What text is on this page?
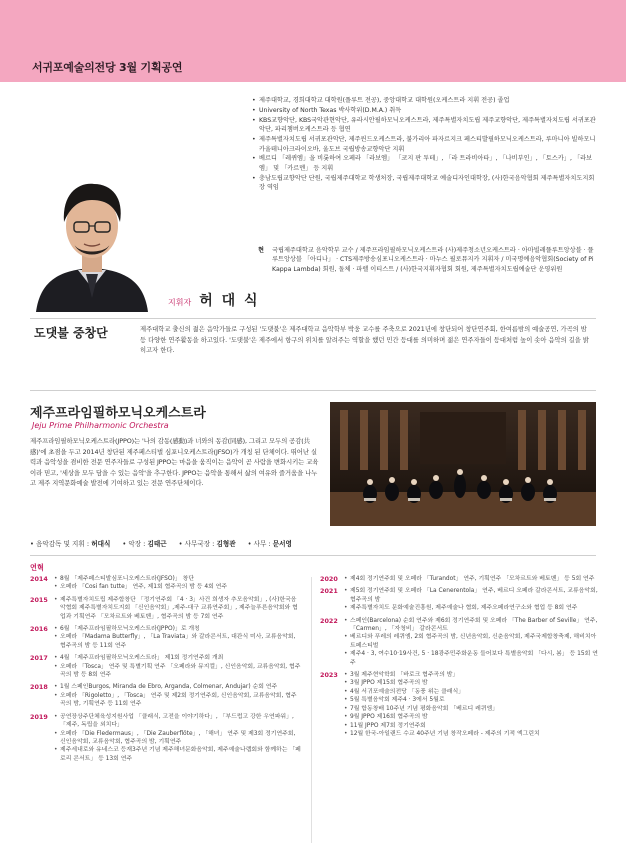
서귀포예술의전당 3월 기획공연
지휘자 허 대 식
• 제주대학교, 경희대학교 대학원(플루트 전공), 중앙대학교 대학원(오케스트라 지휘 전공) 졸업
• University of North Texas 박사학위(D.M.A.) 취득
• KBS교향악단, KBS국악관현악단, 유라시안필하모닉오케스트라, 제주특별자치도립 제주교향악단, 제주특별자치도립 서귀포관악단, 파리챔버오케스트라 등 협연
• 제주특별자치도립 서귀포관악단, 제주윈드오케스트라, 불가리아 파자르지크 페스티발필하모닉오케스트라, 루마니아 빌하모니카울테니아크라이오바, 울도브 국립방송교향악단 지휘
• 베르디 「레퀴엠」을 비롯하여 오페라 「라보엠」 「코지 판 투테」, 「라 트라비아타」, 「나비부인」, 「토스카」, 「라보엠」 및 「카르멘」 등 지휘
• 충남도립교향악단 단원, 국립제주대학교 학생처장, 국립제주대학교 예술디자인대학장, (사)한국음악협회 제주특별자치도지회장 역임
현	국립제주대학교 음악학부 교수 / 제주프라임필하모닉오케스트라 (사)제주청소년오케스트라 · 아마빌레플루트앙상블 · 플루트앙상블 「아디나」 · CTS제주방송심포니오케스트라 · 마누스 필로뮤지카 지휘자 / 미국명예음악협회(Society of Pi Kappa Lambda) 회원, 돌체 · 파렐 이티스트 / (사)한국지휘자협회 회원, 제주특별자치도립예술단 운영위원
도댓불 중창단	제주대학교 출신의 젊은 음악가들로 구성된 '도댓불'은 제주대학교 음악학부 박웅 교수를 주축으로 2021년에 창단되어 창단연주회, 한여름밤의 예술공연, 가곡의 밤 등 다양한 연주활동을 하고있다. '도댓불'은 제주에서 항구의 위치를 알려주는 역할을 했던 민간 등대를 의미하며 젊은 연주자들이 등대처럼 높이 솟아 음악의 길을 밝히고자 한다.
제주프라임필하모닉오케스트라
Jeju Prime Philharmonic Orchestra
제주프라임필하모닉오케스트라(JPPO)는 '나의 감동(感動)과 너와의 동감(同感), 그리고 모두의 공감(共感)'에 초점을 두고 2014년 창단된 제주페스티벌 심포니오케스트라(JFSO)가 개칭 된 단체이다. 뛰어난 실력과 음악성을 겸비한 전문 연주자들로 구성된 JPPO는 마음을 움직이는 음악이 곧 사람을 변화시키는 교육이라 믿고, '세상을 모두 담을 수 있는 음악'을 추구한다. JPPO는 음악을 통해서 삶의 여유와 즐거움을 나누고 제주 지역문화예술 발전에 기여하고 있는 전문 연주단체이다.
• 음악감독 및 지휘 : 허대식 • 악장 : 김태근 • 사무국장 : 김형관 • 사무 : 문서영
연혁
2014	• 8월 「제주페스티발심포니오케스트라(JFSO)」 창단
• 오페라 「Cosi fan tutte」 연주, 제1회 협주곡의 밤 등 4회 연주
2015	• 제주특별자치도립 제주합창단 「정기연주회 「4 · 3」사건 희생자 추모음악회」, (사)한국음악협회 제주특별자치도지회 「신인음악회」,제주-대구 교류연주회」, 제주늘푸른음악회와 협업과 기획연주 「모차르트와 베토벤」, 협주곡의 밤 등 7회 연주
2016	• 6월 「제주프라임필하모닉오케스트라(JPPO)」로 개칭
• 오페라 「Madama Butterfly」, 「La Traviata」와 갈라콘서트, 대관식 미사, 교류음악회, 협주곡의 밤 등 11회 연주
2017	• 4월 「제주프라임필하모닉오케스트라」 제1회 정기연주회 개최
• 오페라 「Tosca」 연주 및 특별기획 연주 「오페라와 뮤지컬」, 신인음악회, 교류음악회, 협주곡의 밤 등 8회 연주
2018	• 1월 스페인Burgos, Miranda de Ebro, Arganda, Colmenar, Andujar) 순회 연주
• 오페라 「Rigoletto」, 「Tosca」 연주 및 제2회 정기연주회, 신인음악회, 교류음악회, 협주곡의 밤, 기획연주 등 11회 연주
2019	• 공연장상주단체육성지원사업 「클래식, 고전을 이야기하다」, 「부드럽고 강한 우연파워」, 「제주, 독립을 외치다」
• 오페라 「Die Fledermaus」, 「Die Zauberflöte」, 「해녀」 연주 및 제3회 정기연주회, 신인음악회, 교류음악회, 협주곡의 밤, 기획연주
• 제주세내로와 유네스코 등재3주년 기념 제주해녀문화음악회, 제주예술나랩회와 함께하는 「페로리 콘서트」 등 13회 연주
2020	• 제4회 정기연주회 및 오페라 「Turandot」 연주, 기획연주 「모차르트와 베토벤」 등 5회 연주
2021	• 제5회 정기연주회 및 오페라 「La Cenerentola」 연주, 베르디 오페라 갈라콘서트, 교류음악회, 협주곡의 밤
• 제주특별자치도 문화예술진흥원, 제주예술나 협회, 제주오페라연구소와 협업 등 8회 연주
2022	• 스페인(Barcelona) 순회 연주와 제6회 정기연주회 및 오페라 「The Barber of Seville」 연주, 「Carmen」, 「자청비」 갈라콘서트
• 베르디와 푸레의 레퀴엠, 2회 협주곡의 밤, 신년음악회, 신춘음악회, 제주국제합창축제, 해비치아트페스티벌
• 제주4 · 3, 여수10·19사건, 5 · 18광주민주화운동 들어보다 특별음악회 「다시, 봄」 등 15회 연주
2023	• 3월 제주현악학회 「바로크 협주곡의 밤」
• 3월 JPPO 제15회 협주곡의 밤
• 4월 서귀포예술의전당 「동풍 위는 클래식」
• 5월 특별음악회 제주4 · 3에서 5월로
• 7월 합동창배 10주년 기념 평화음악회 「베르디 레퀴엠」
• 9월 JPPO 제16회 협주곡의 밤
• 11월 JPPO 제7회 정기연주회
• 12월 한국-아일랜드 수교 40주년 기념 창작오페라 - 제주의 기적 엑그린치
